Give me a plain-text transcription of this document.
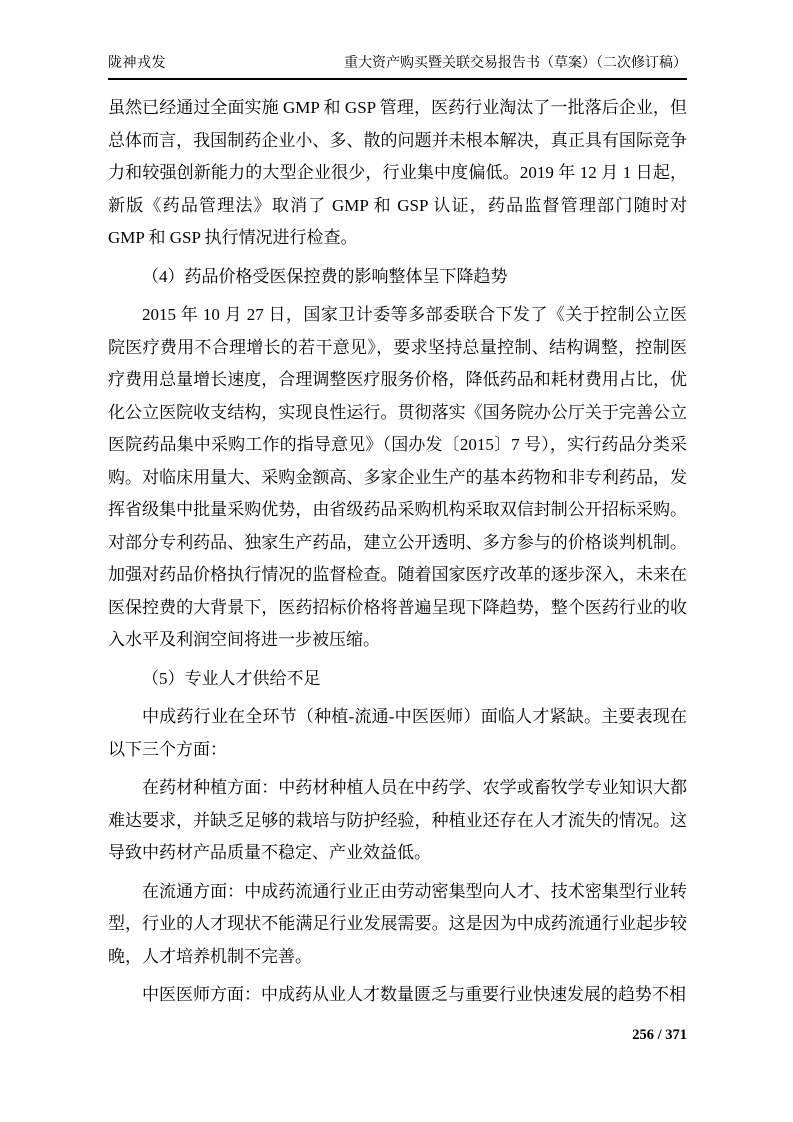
陇神戎发	重大资产购买暨关联交易报告书（草案）（二次修订稿）

虽然已经通过全面实施 GMP 和 GSP 管理，医药行业淘汰了一批落后企业，但总体而言，我国制药企业小、多、散的问题并未根本解决，真正具有国际竞争力和较强创新能力的大型企业很少，行业集中度偏低。2019 年 12 月 1 日起，新版《药品管理法》取消了 GMP 和 GSP 认证，药品监督管理部门随时对 GMP 和 GSP 执行情况进行检查。

（4）药品价格受医保控费的影响整体呈下降趋势

2015 年 10 月 27 日，国家卫计委等多部委联合下发了《关于控制公立医院医疗费用不合理增长的若干意见》，要求坚持总量控制、结构调整，控制医疗费用总量增长速度，合理调整医疗服务价格，降低药品和耗材费用占比，优化公立医院收支结构，实现良性运行。贯彻落实《国务院办公厅关于完善公立医院药品集中采购工作的指导意见》（国办发〔2015〕7 号），实行药品分类采购。对临床用量大、采购金额高、多家企业生产的基本药物和非专利药品，发挥省级集中批量采购优势，由省级药品采购机构采取双信封制公开招标采购。对部分专利药品、独家生产药品，建立公开透明、多方参与的价格谈判机制。加强对药品价格执行情况的监督检查。随着国家医疗改革的逐步深入，未来在医保控费的大背景下，医药招标价格将普遍呈现下降趋势，整个医药行业的收入水平及利润空间将进一步被压缩。

（5）专业人才供给不足

中成药行业在全环节（种植-流通-中医医师）面临人才紧缺。主要表现在以下三个方面：

在药材种植方面：中药材种植人员在中药学、农学或畜牧学专业知识大都难达要求，并缺乏足够的栽培与防护经验，种植业还存在人才流失的情况。这导致中药材产品质量不稳定、产业效益低。

在流通方面：中成药流通行业正由劳动密集型向人才、技术密集型行业转型，行业的人才现状不能满足行业发展需要。这是因为中成药流通行业起步较晚，人才培养机制不完善。

中医医师方面：中成药从业人才数量匮乏与重要行业快速发展的趋势不相

256 / 371
